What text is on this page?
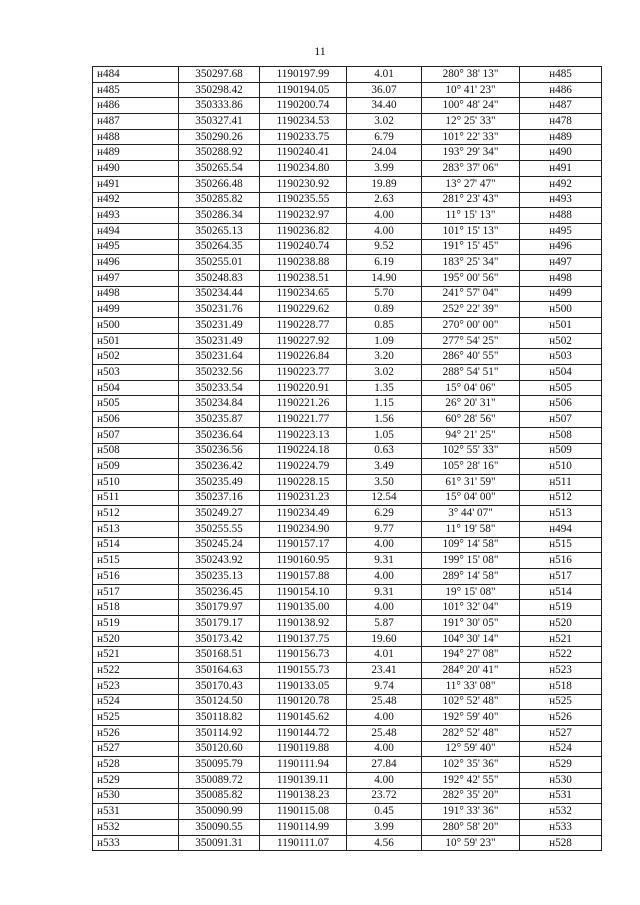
11
н484	350297.68	1190197.99	4.01	280° 38' 13"	н485
н485	350298.42	1190194.05	36.07	10° 41' 23"	н486
н486	350333.86	1190200.74	34.40	100° 48' 24"	н487
н487	350327.41	1190234.53	3.02	12° 25' 33"	н478
н488	350290.26	1190233.75	6.79	101° 22' 33"	н489
н489	350288.92	1190240.41	24.04	193° 29' 34"	н490
н490	350265.54	1190234.80	3.99	283° 37' 06"	н491
н491	350266.48	1190230.92	19.89	13° 27' 47"	н492
н492	350285.82	1190235.55	2.63	281° 23' 43"	н493
н493	350286.34	1190232.97	4.00	11° 15' 13"	н488
н494	350265.13	1190236.82	4.00	101° 15' 13"	н495
н495	350264.35	1190240.74	9.52	191° 15' 45"	н496
н496	350255.01	1190238.88	6.19	183° 25' 34"	н497
н497	350248.83	1190238.51	14.90	195° 00' 56"	н498
н498	350234.44	1190234.65	5.70	241° 57' 04"	н499
н499	350231.76	1190229.62	0.89	252° 22' 39"	н500
н500	350231.49	1190228.77	0.85	270° 00' 00"	н501
н501	350231.49	1190227.92	1.09	277° 54' 25"	н502
н502	350231.64	1190226.84	3.20	286° 40' 55"	н503
н503	350232.56	1190223.77	3.02	288° 54' 51"	н504
н504	350233.54	1190220.91	1.35	15° 04' 06"	н505
н505	350234.84	1190221.26	1.15	26° 20' 31"	н506
н506	350235.87	1190221.77	1.56	60° 28' 56"	н507
н507	350236.64	1190223.13	1.05	94° 21' 25"	н508
н508	350236.56	1190224.18	0.63	102° 55' 33"	н509
н509	350236.42	1190224.79	3.49	105° 28' 16"	н510
н510	350235.49	1190228.15	3.50	61° 31' 59"	н511
н511	350237.16	1190231.23	12.54	15° 04' 00"	н512
н512	350249.27	1190234.49	6.29	3° 44' 07"	н513
н513	350255.55	1190234.90	9.77	11° 19' 58"	н494
н514	350245.24	1190157.17	4.00	109° 14' 58"	н515
н515	350243.92	1190160.95	9.31	199° 15' 08"	н516
н516	350235.13	1190157.88	4.00	289° 14' 58"	н517
н517	350236.45	1190154.10	9.31	19° 15' 08"	н514
н518	350179.97	1190135.00	4.00	101° 32' 04"	н519
н519	350179.17	1190138.92	5.87	191° 30' 05"	н520
н520	350173.42	1190137.75	19.60	104° 30' 14"	н521
н521	350168.51	1190156.73	4.01	194° 27' 08"	н522
н522	350164.63	1190155.73	23.41	284° 20' 41"	н523
н523	350170.43	1190133.05	9.74	11° 33' 08"	н518
н524	350124.50	1190120.78	25.48	102° 52' 48"	н525
н525	350118.82	1190145.62	4.00	192° 59' 40"	н526
н526	350114.92	1190144.72	25.48	282° 52' 48"	н527
н527	350120.60	1190119.88	4.00	12° 59' 40"	н524
н528	350095.79	1190111.94	27.84	102° 35' 36"	н529
н529	350089.72	1190139.11	4.00	192° 42' 55"	н530
н530	350085.82	1190138.23	23.72	282° 35' 20"	н531
н531	350090.99	1190115.08	0.45	191° 33' 36"	н532
н532	350090.55	1190114.99	3.99	280° 58' 20"	н533
н533	350091.31	1190111.07	4.56	10° 59' 23"	н528
